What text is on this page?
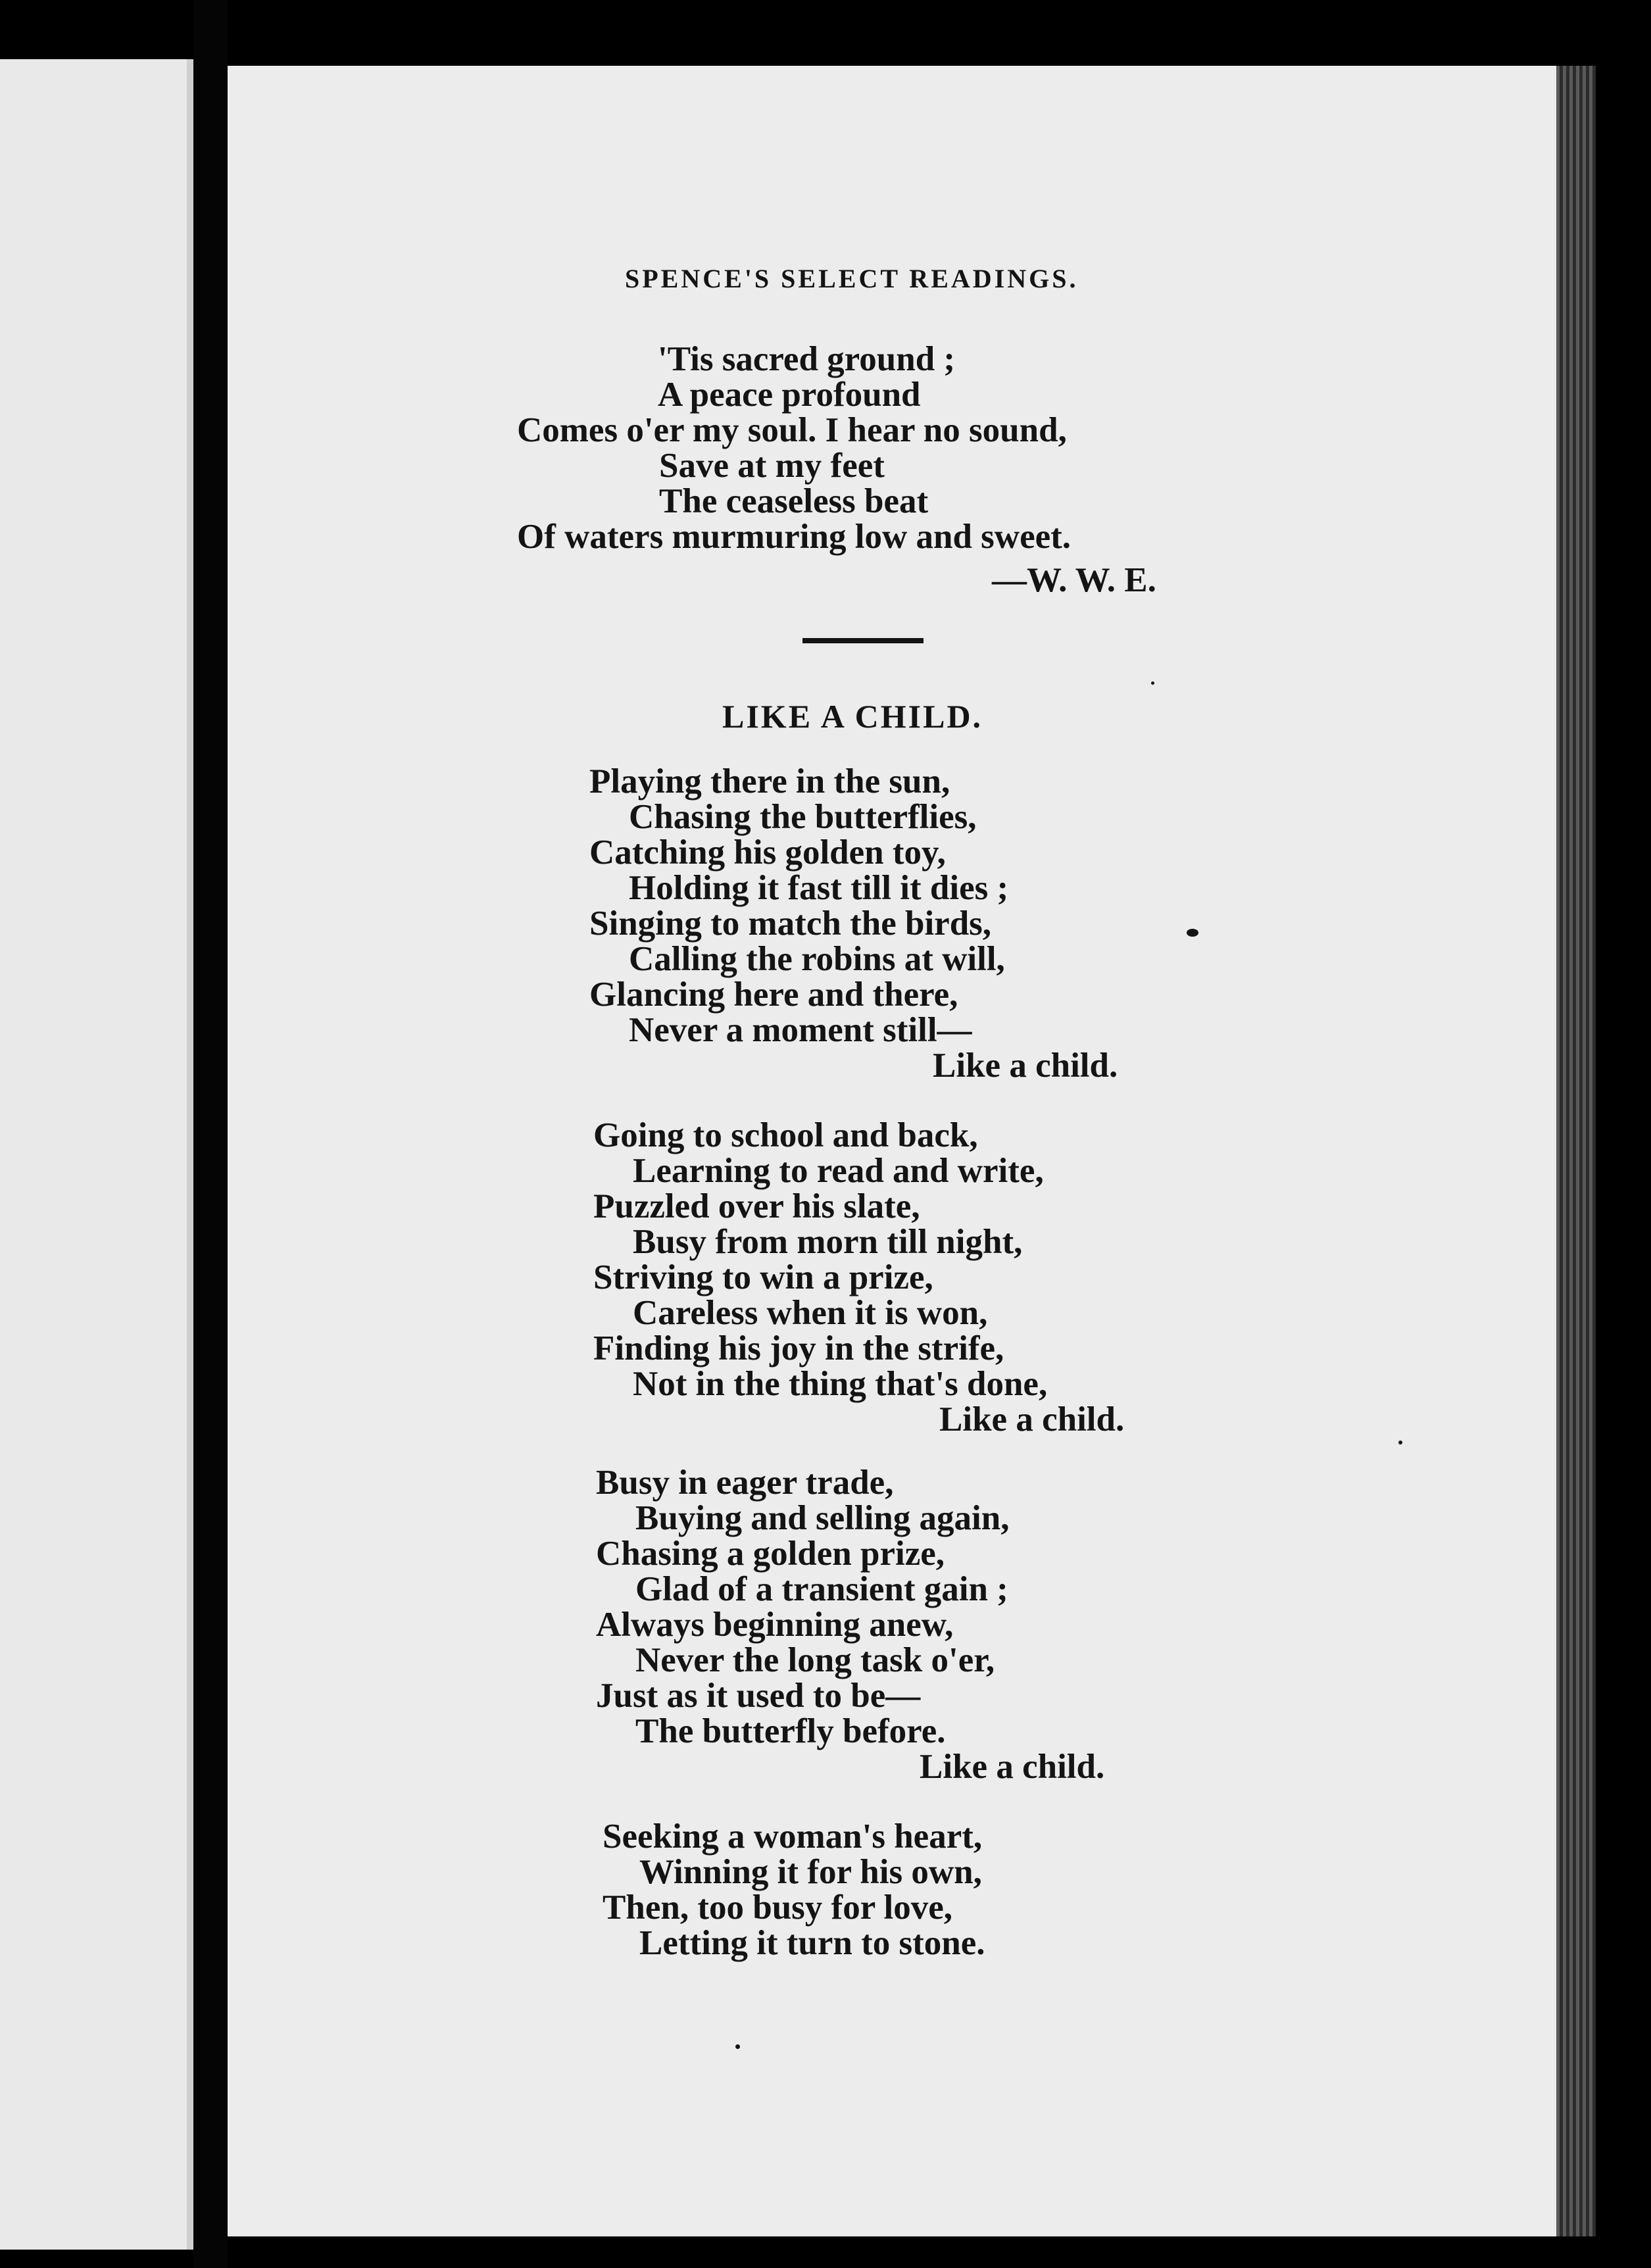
SPENCE'S SELECT READINGS.
'Tis sacred ground ;
A peace profound
Comes o'er my soul. I hear no sound,
Save at my feet
The ceaseless beat
Of waters murmuring low and sweet.
—W. W. E.
LIKE A CHILD.
Playing there in the sun,
Chasing the butterflies,
Catching his golden toy,
Holding it fast till it dies ;
Singing to match the birds,
Calling the robins at will,
Glancing here and there,
Never a moment still—
Like a child.
Going to school and back,
Learning to read and write,
Puzzled over his slate,
Busy from morn till night,
Striving to win a prize,
Careless when it is won,
Finding his joy in the strife,
Not in the thing that's done,
Like a child.
Busy in eager trade,
Buying and selling again,
Chasing a golden prize,
Glad of a transient gain ;
Always beginning anew,
Never the long task o'er,
Just as it used to be—
The butterfly before.
Like a child.
Seeking a woman's heart,
Winning it for his own,
Then, too busy for love,
Letting it turn to stone.
